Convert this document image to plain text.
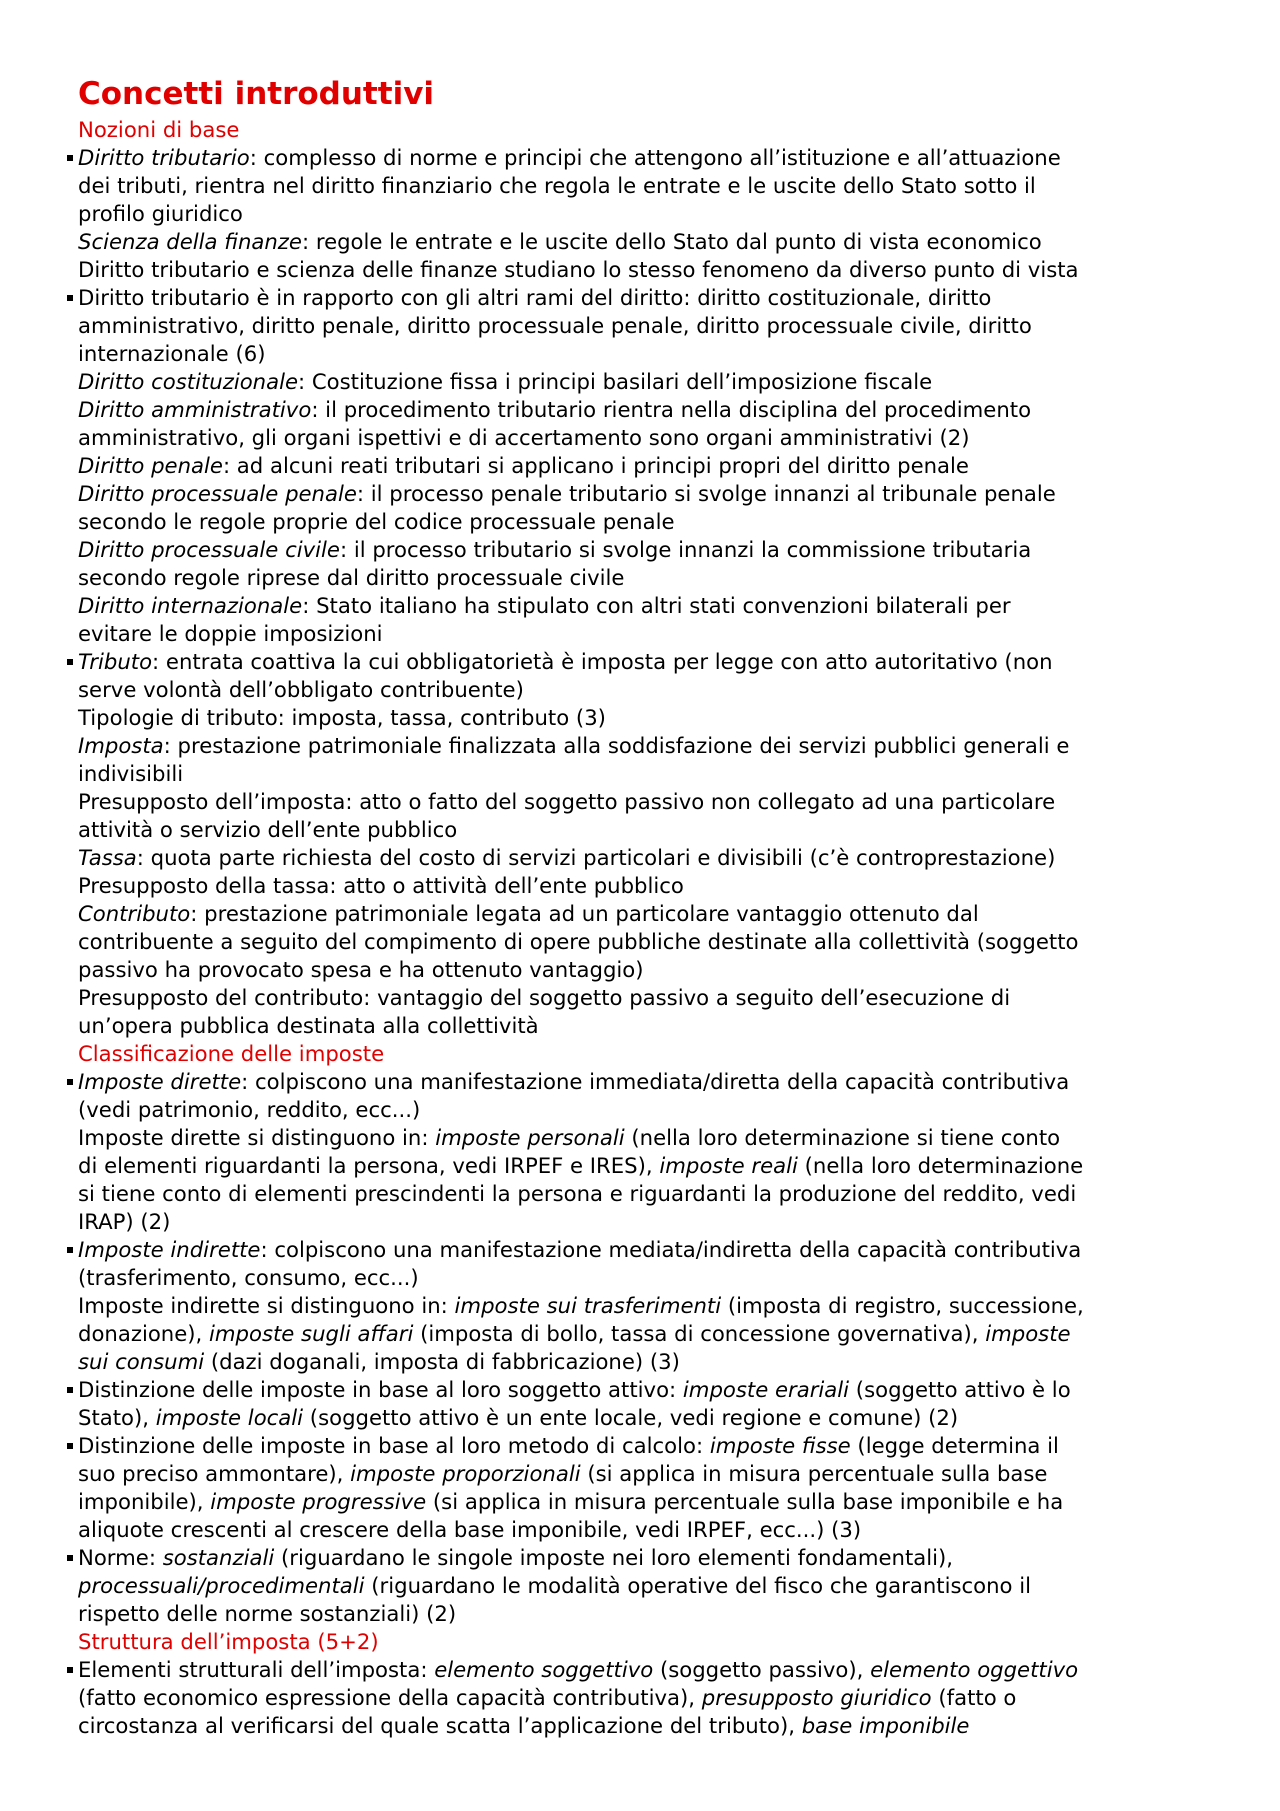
Concetti introduttivi
Nozioni di base
Diritto tributario: complesso di norme e principi che attengono all’istituzione e all’attuazione
dei tributi, rientra nel diritto finanziario che regola le entrate e le uscite dello Stato sotto il
profilo giuridico
Scienza della finanze: regole le entrate e le uscite dello Stato dal punto di vista economico
Diritto tributario e scienza delle finanze studiano lo stesso fenomeno da diverso punto di vista
Diritto tributario è in rapporto con gli altri rami del diritto: diritto costituzionale, diritto
amministrativo, diritto penale, diritto processuale penale, diritto processuale civile, diritto
internazionale (6)
Diritto costituzionale: Costituzione fissa i principi basilari dell’imposizione fiscale
Diritto amministrativo: il procedimento tributario rientra nella disciplina del procedimento
amministrativo, gli organi ispettivi e di accertamento sono organi amministrativi (2)
Diritto penale: ad alcuni reati tributari si applicano i principi propri del diritto penale
Diritto processuale penale: il processo penale tributario si svolge innanzi al tribunale penale
secondo le regole proprie del codice processuale penale
Diritto processuale civile: il processo tributario si svolge innanzi la commissione tributaria
secondo regole riprese dal diritto processuale civile
Diritto internazionale: Stato italiano ha stipulato con altri stati convenzioni bilaterali per
evitare le doppie imposizioni
Tributo: entrata coattiva la cui obbligatorietà è imposta per legge con atto autoritativo (non
serve volontà dell’obbligato contribuente)
Tipologie di tributo: imposta, tassa, contributo (3)
Imposta: prestazione patrimoniale finalizzata alla soddisfazione dei servizi pubblici generali e
indivisibili
Presupposto dell’imposta: atto o fatto del soggetto passivo non collegato ad una particolare
attività o servizio dell’ente pubblico
Tassa: quota parte richiesta del costo di servizi particolari e divisibili (c’è controprestazione)
Presupposto della tassa: atto o attività dell’ente pubblico
Contributo: prestazione patrimoniale legata ad un particolare vantaggio ottenuto dal
contribuente a seguito del compimento di opere pubbliche destinate alla collettività (soggetto
passivo ha provocato spesa e ha ottenuto vantaggio)
Presupposto del contributo: vantaggio del soggetto passivo a seguito dell’esecuzione di
un’opera pubblica destinata alla collettività
Classificazione delle imposte
Imposte dirette: colpiscono una manifestazione immediata/diretta della capacità contributiva
(vedi patrimonio, reddito, ecc...)
Imposte dirette si distinguono in: imposte personali (nella loro determinazione si tiene conto
di elementi riguardanti la persona, vedi IRPEF e IRES), imposte reali (nella loro determinazione
si tiene conto di elementi prescindenti la persona e riguardanti la produzione del reddito, vedi
IRAP) (2)
Imposte indirette: colpiscono una manifestazione mediata/indiretta della capacità contributiva
(trasferimento, consumo, ecc...)
Imposte indirette si distinguono in: imposte sui trasferimenti (imposta di registro, successione,
donazione), imposte sugli affari (imposta di bollo, tassa di concessione governativa), imposte
sui consumi (dazi doganali, imposta di fabbricazione) (3)
Distinzione delle imposte in base al loro soggetto attivo: imposte erariali (soggetto attivo è lo
Stato), imposte locali (soggetto attivo è un ente locale, vedi regione e comune) (2)
Distinzione delle imposte in base al loro metodo di calcolo: imposte fisse (legge determina il
suo preciso ammontare), imposte proporzionali (si applica in misura percentuale sulla base
imponibile), imposte progressive (si applica in misura percentuale sulla base imponibile e ha
aliquote crescenti al crescere della base imponibile, vedi IRPEF, ecc...) (3)
Norme: sostanziali (riguardano le singole imposte nei loro elementi fondamentali),
processuali/procedimentali (riguardano le modalità operative del fisco che garantiscono il
rispetto delle norme sostanziali) (2)
Struttura dell’imposta (5+2)
Elementi strutturali dell’imposta: elemento soggettivo (soggetto passivo), elemento oggettivo
(fatto economico espressione della capacità contributiva), presupposto giuridico (fatto o
circostanza al verificarsi del quale scatta l’applicazione del tributo), base imponibile
